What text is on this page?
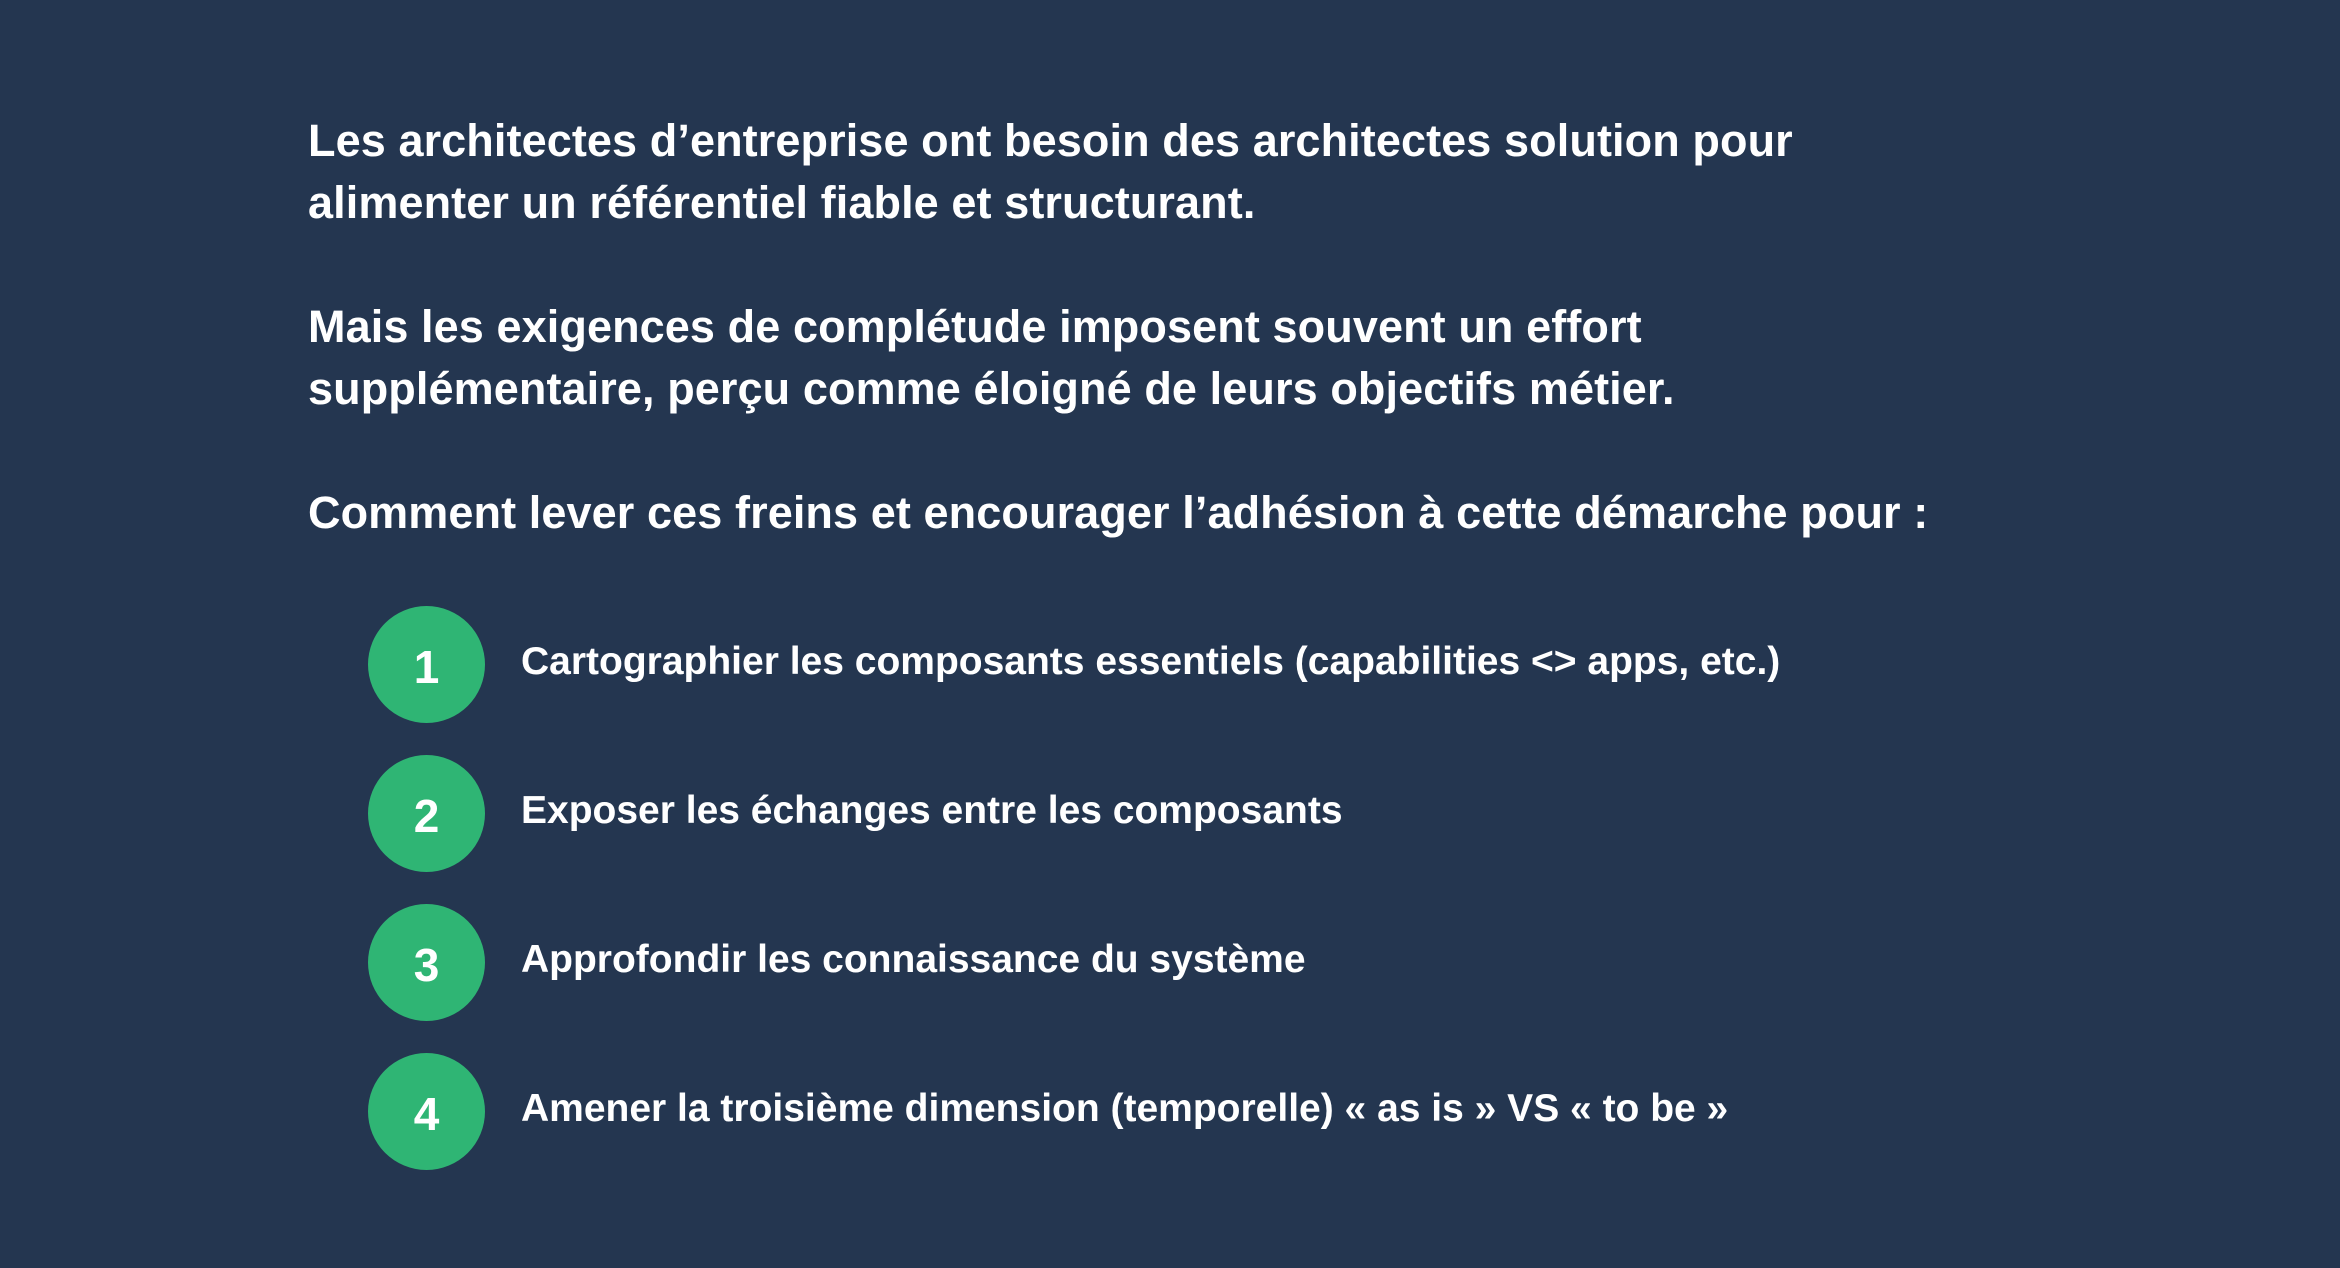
Les architectes d’entreprise ont besoin des architectes solution pour
alimenter un référentiel fiable et structurant.

Mais les exigences de complétude imposent souvent un effort
supplémentaire, perçu comme éloigné de leurs objectifs métier.

Comment lever ces freins et encourager l’adhésion à cette démarche pour :

1	Cartographier les composants essentiels (capabilities <> apps, etc.)
2	Exposer les échanges entre les composants
3	Approfondir les connaissance du système
4	Amener la troisième dimension (temporelle) « as is » VS « to be »
